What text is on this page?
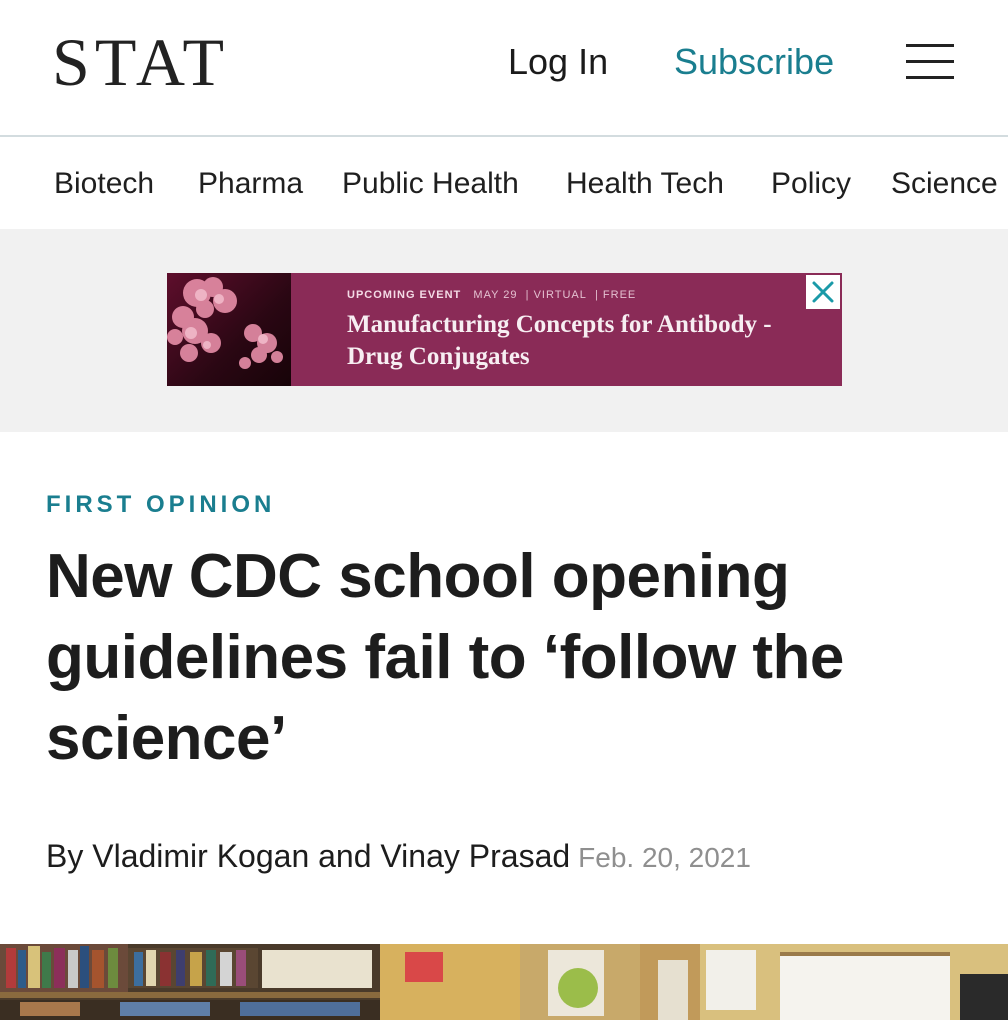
STAT	Log In Subscribe
Biotech Pharma Public Health Health Tech Policy Science
UPCOMING EVENT MAY 29  | VIRTUAL  | FREE
Manufacturing Concepts for Antibody - Drug Conjugates
FIRST OPINION
New CDC school opening guidelines fail to ‘follow the science’
By Vladimir Kogan and Vinay Prasad Feb. 20, 2021
